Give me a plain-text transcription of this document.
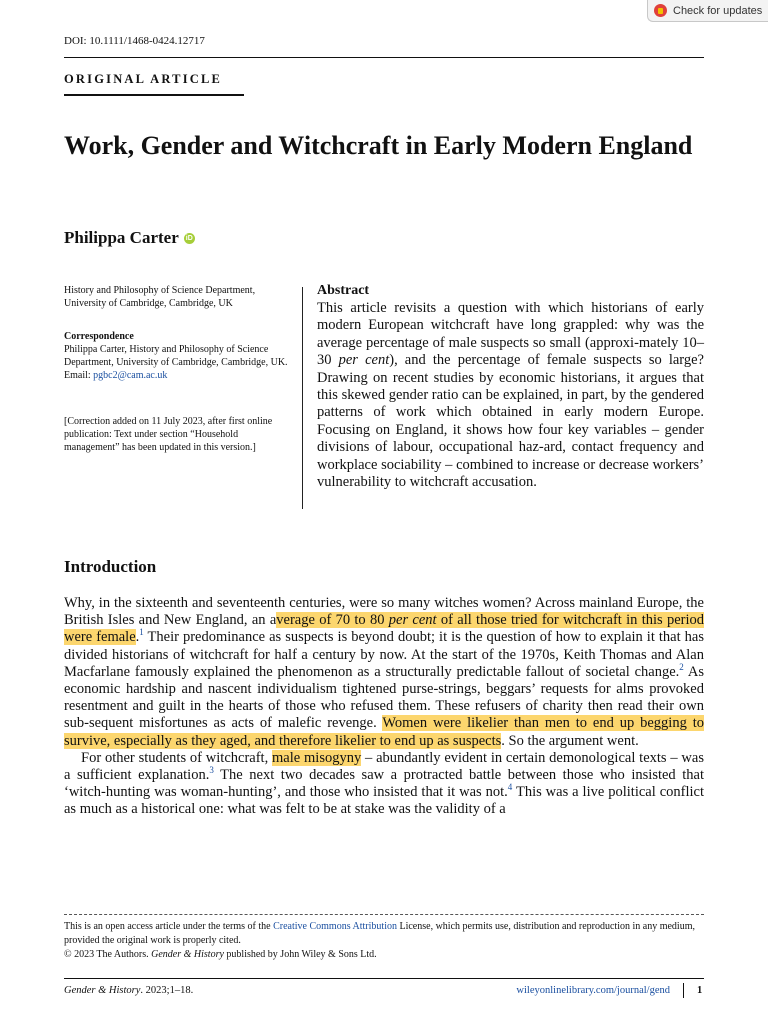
Check for updates
DOI: 10.1111/1468-0424.12717
ORIGINAL ARTICLE
Work, Gender and Witchcraft in Early Modern England
Philippa Carter iD
History and Philosophy of Science Department, University of Cambridge, Cambridge, UK
Correspondence
Philippa Carter, History and Philosophy of Science Department, University of Cambridge, Cambridge, UK.
Email: pgbc2@cam.ac.uk
[Correction added on 11 July 2023, after first online publication: Text under section “Household management” has been updated in this version.]
Abstract
This article revisits a question with which historians of early modern European witchcraft have long grappled: why was the average percentage of male suspects so small (approxi-mately 10–30 per cent), and the percentage of female suspects so large? Drawing on recent studies by economic historians, it argues that this skewed gender ratio can be explained, in part, by the gendered patterns of work which obtained in early modern Europe. Focusing on England, it shows how four key variables – gender divisions of labour, occupational haz-ard, contact frequency and workplace sociability – combined to increase or decrease workers’ vulnerability to witchcraft accusation.
Introduction

Why, in the sixteenth and seventeenth centuries, were so many witches women? Across mainland Europe, the British Isles and New England, an average of 70 to 80 per cent of all those tried for witchcraft in this period were female.$^1$ Their predominance as suspects is beyond doubt; it is the question of how to explain it that has divided historians of witchcraft for half a century by now. At the start of the 1970s, Keith Thomas and Alan Macfarlane famously explained the phenomenon as a structurally predictable fallout of societal change.$^2$ As economic hardship and nascent individualism tightened purse-strings, beggars’ requests for alms provoked resentment and guilt in the hearts of those who refused them. These refusers of charity then read their own sub-sequent misfortunes as acts of malefic revenge. Women were likelier than men to end up begging to survive, especially as they aged, and therefore likelier to end up as suspects. So the argument went.

For other students of witchcraft, male misogyny – abundantly evident in certain demonological texts – was a sufficient explanation.$^3$ The next two decades saw a protracted battle between those who insisted that ‘witch-hunting was woman-hunting’, and those who insisted that it was not.$^4$ This was a live political conflict as much as a historical one: what was felt to be at stake was the validity of a

This is an open access article under the terms of the Creative Commons Attribution License, which permits use, distribution and reproduction in any medium, provided the original work is properly cited.
© 2023 The Authors. Gender & History published by John Wiley & Sons Ltd.
Gender & History. 2023;1–18.	wileyonlinelibrary.com/journal/gend	1
